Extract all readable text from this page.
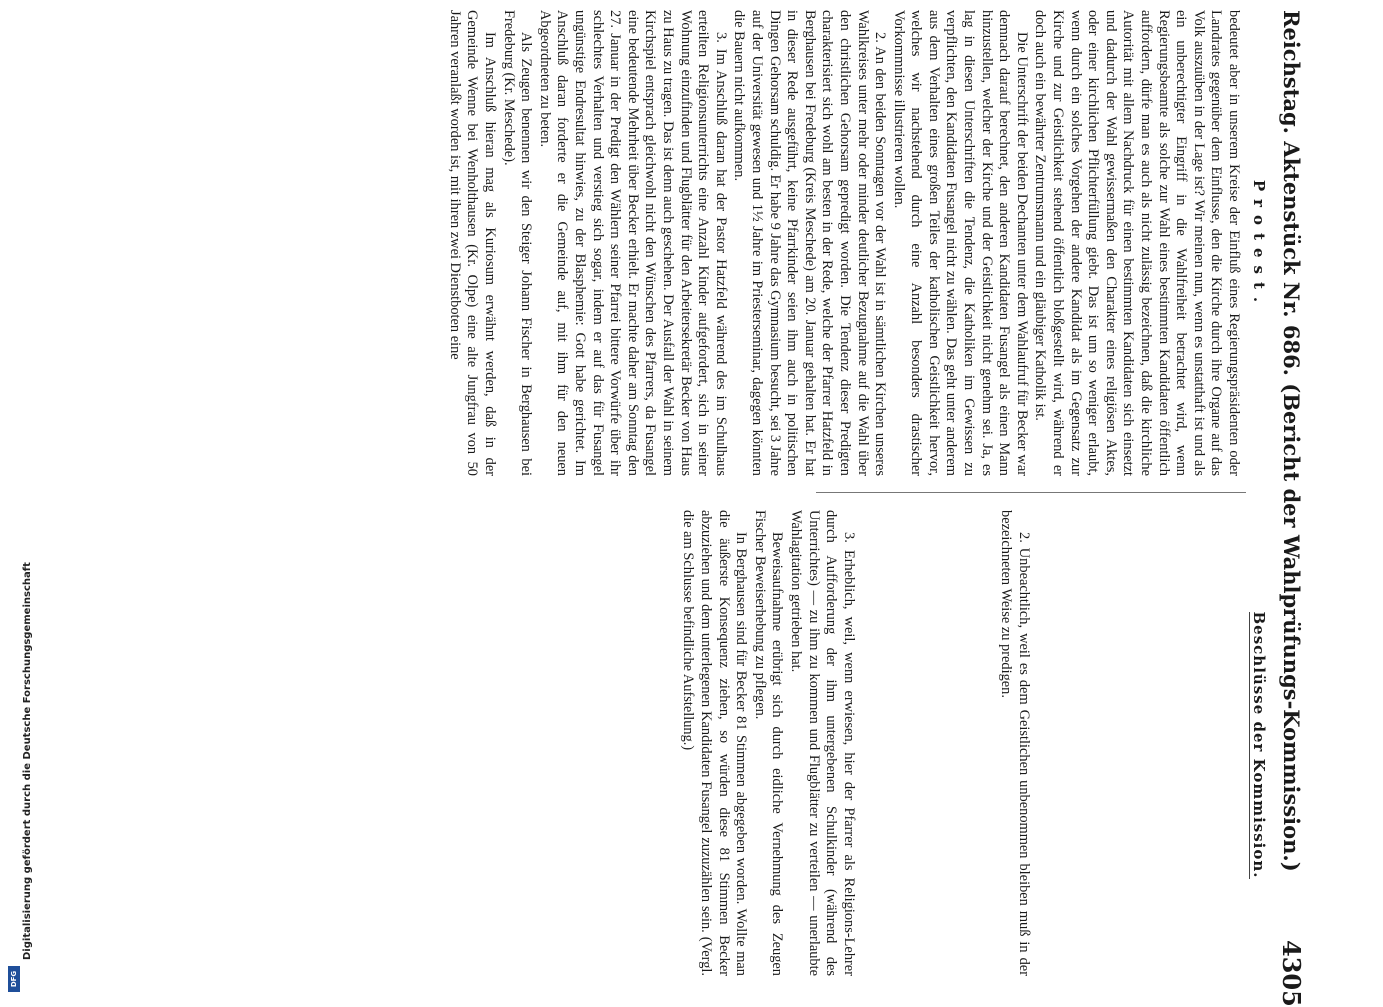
Digitalisierung gefördert durch die Deutsche Forschungsgemeinschaft
DFG
Reichstag. Aktenstück Nr. 686. (Bericht der Wahlprüfungs-Kommission.)
4305
Protest.
Beschlüsse der Kommission.

bedeutet aber in unserem Kreise der Einfluß eines Regierungspräsidenten oder Landrates gegenüber dem Einflusse, den die Kirche durch ihre Organe auf das Volk auszuüben in der Lage ist? Wir meinen nun, wenn es unstatthaft ist und als ein unberechtigter Eingriff in die Wahlfreiheit betrachtet wird, wenn Regierungsbeamte als solche zur Wahl eines bestimmten Kandidaten öffentlich auffordern, dürfe man es auch als nicht zulässig bezeichnen, daß die kirchliche Autorität mit allem Nachdruck für einen bestimmten Kandidaten sich einsetzt und dadurch der Wahl gewissermaßen den Charakter eines religiösen Aktes, oder einer kirchlichen Pflichterfüllung giebt. Das ist um so weniger erlaubt, wenn durch ein solches Vorgehen der andere Kandidat als im Gegensatz zur Kirche und zur Geistlichkeit stehend öffentlich bloßgestellt wird, während er doch auch ein bewährter Zentrumsmann und ein gläubiger Katholik ist.

Die Unterschrift der beiden Dechanten unter dem Wahlaufruf für Becker war demnach darauf berechnet, den anderen Kandidaten Fusangel als einen Mann hinzustellen, welcher der Kirche und der Geistlichkeit nicht genehm sei. Ja, es lag in diesen Unterschriften die Tendenz, die Katholiken im Gewissen zu verpflichten, den Kandidaten Fusangel nicht zu wählen. Das geht unter anderem aus dem Verhalten eines großen Teiles der katholischen Geistlichkeit hervor, welches wir nachstehend durch eine Anzahl besonders drastischer Vorkommnisse illustrieren wollen.

2. An den beiden Sonntagen vor der Wahl ist in sämtlichen Kirchen unseres Wahlkreises unter mehr oder minder deutlicher Bezugnahme auf die Wahl über den christlichen Gehorsam gepredigt worden. Die Tendenz dieser Predigten charakterisiert sich wohl am besten in der Rede, welche der Pfarrer Hatzfeld in Berghausen bei Fredeburg (Kreis Meschede) am 20. Januar gehalten hat. Er hat in dieser Rede ausgeführt, keine Pfarrkinder seien ihm auch in politischen Dingen Gehorsam schuldig. Er habe 9 Jahre das Gymnasium besucht, sei 3 Jahre auf der Universität gewesen und 1½ Jahre im Priesterseminar, dagegen könnten die Bauern nicht aufkommen.

3. Im Anschluß daran hat der Pastor Hatzfeld während des im Schulhaus erteilten Religionsunterrichts eine Anzahl Kinder aufgefordert, sich in seiner Wohnung einzufinden und Flugblätter für den Arbeitersekretär Becker von Haus zu Haus zu tragen. Das ist denn auch geschehen. Der Ausfall der Wahl in seinem Kirchspiel entsprach gleichwohl nicht den Wünschen des Pfarrers, da Fusangel eine bedeutende Mehrheit über Becker erhielt. Er machte daher am Sonntag den 27. Januar in der Predigt den Wählern seiner Pfarrei bittere Vorwürfe über ihr schlechtes Verhalten und verstieg sich sogar, indem er auf das für Fusangel ungünstige Endresultat hinwies, zu der Blasphemie: Gott habe gerichtet. Im Anschluß daran forderte er die Gemeinde auf, mit ihm für den neuen Abgeordneten zu beten.

Als Zeugen benennen wir den Steiger Johann Fischer in Berghausen bei Fredeburg (Kr. Meschede).

Im Anschluß hieran mag als Kuriosum erwähnt werden, daß in der Gemeinde Wenne bei Wenholthausen (Kr. Olpe) eine alte Jungfrau von 50 Jahren veranlaßt worden ist, mit ihren zwei Dienstboten eine

2. Unbeachtlich, weil es dem Geistlichen unbenommen bleiben muß in der bezeichneten Weise zu predigen.

3. Erheblich, weil, wenn erwiesen, hier der Pfarrer als Religions-Lehrer durch Aufforderung der ihm untergebenen Schulkinder (während des Unterrichtes) — zu ihm zu kommen und Flugblätter zu verteilen — unerlaubte Wahlagitation getrieben hat.

Beweisaufnahme erübrigt sich durch eidliche Vernehmung des Zeugen Fischer Beweiserhebung zu pflegen.

In Berghausen sind für Becker 81 Stimmen abgegeben worden. Wollte man die äußerste Konsequenz ziehen, so würden diese 81 Stimmen Becker abzuziehen und dem unterlegenen Kandidaten Fusangel zuzuzählen sein. (Vergl. die am Schlusse befindliche Aufstellung.)
